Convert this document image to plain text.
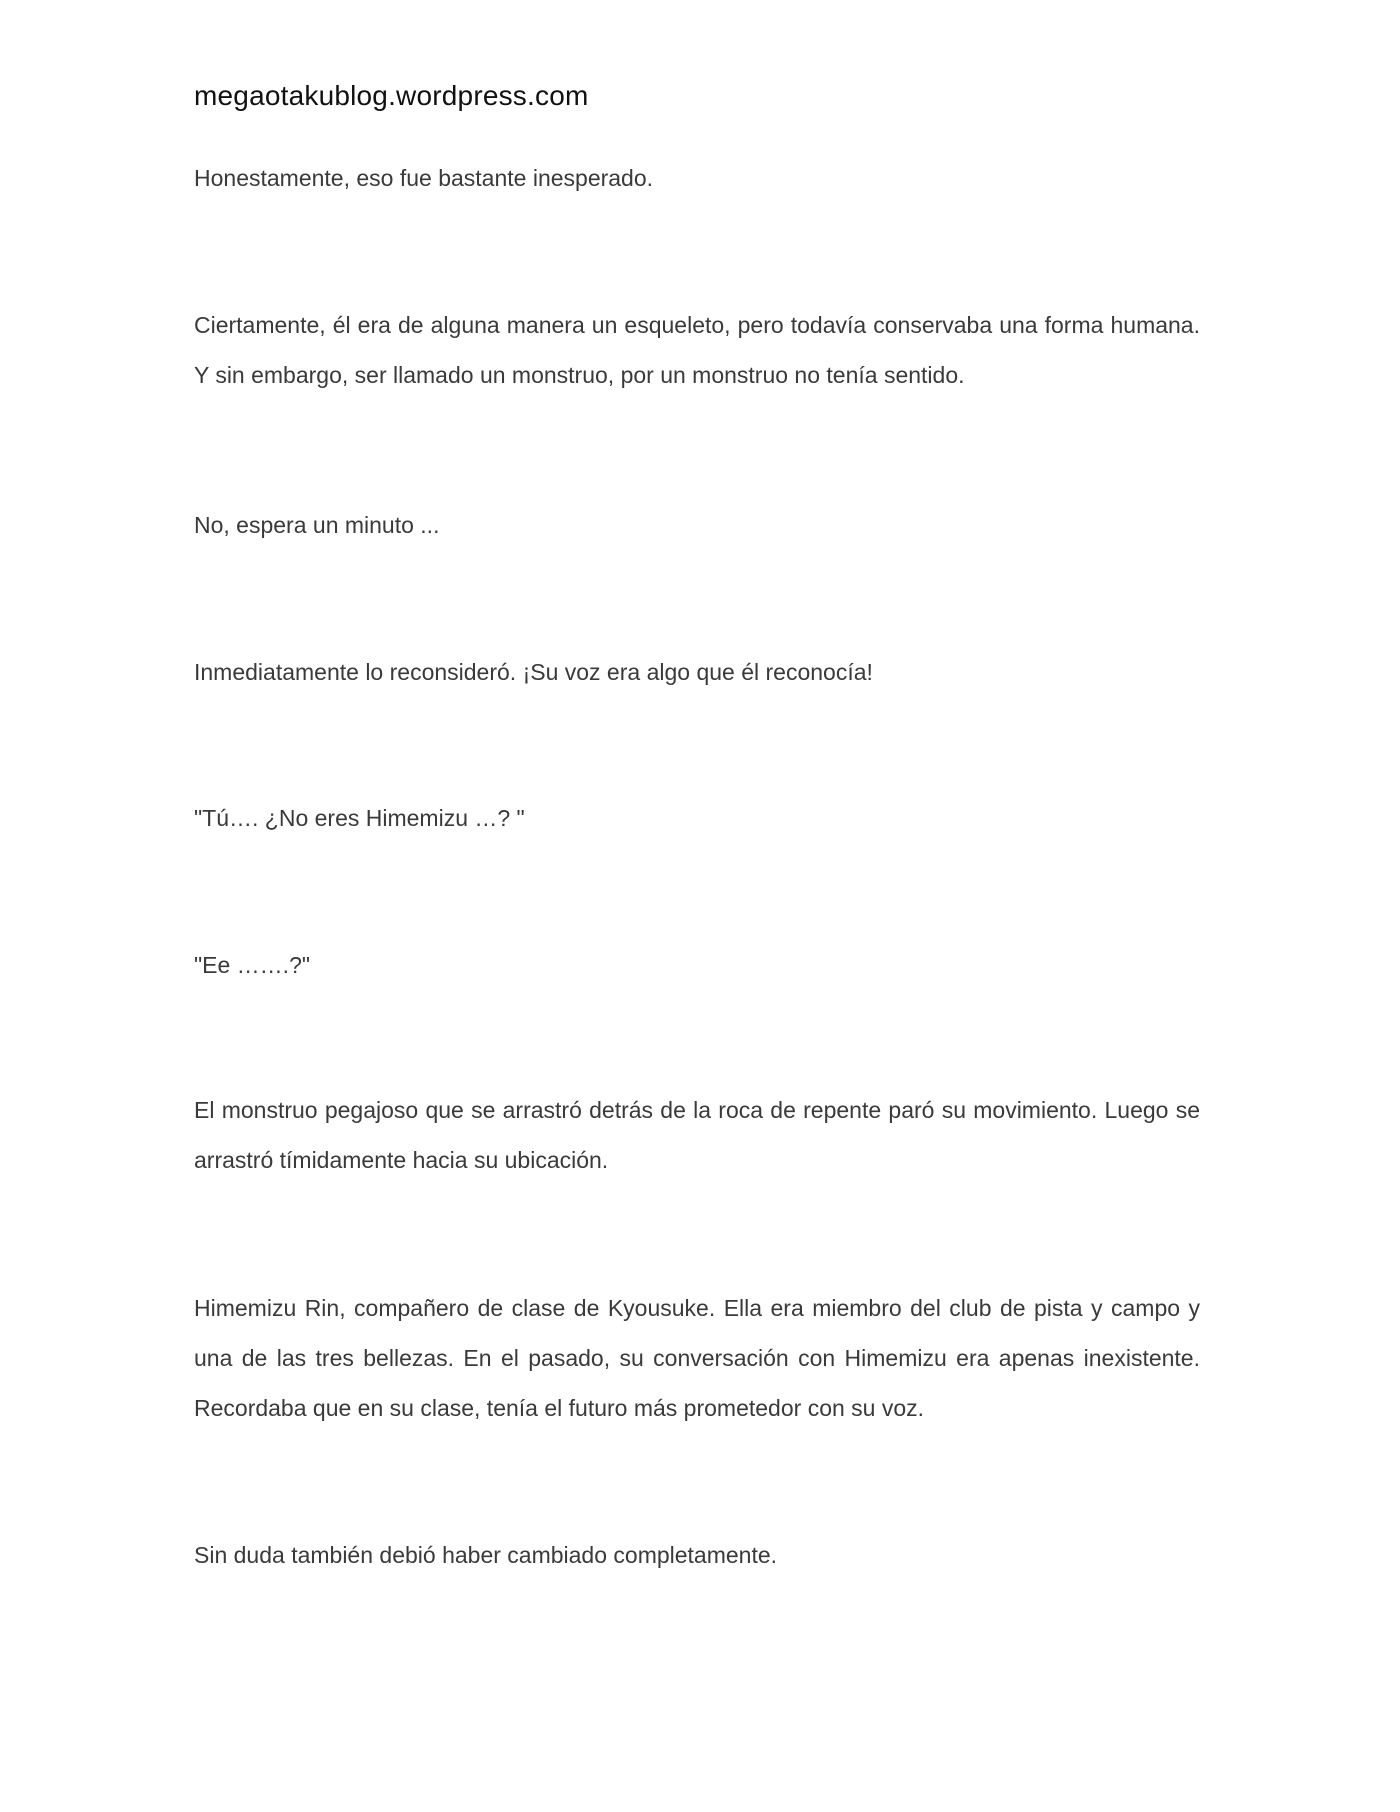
megaotakublog.wordpress.com
Honestamente, eso fue bastante inesperado.
Ciertamente, él era de alguna manera un esqueleto, pero todavía conservaba una forma humana. Y sin embargo, ser llamado un monstruo, por un monstruo no tenía sentido.
No, espera un minuto ...
Inmediatamente lo reconsideró. ¡Su voz era algo que él reconocía!
"Tú…. ¿No eres Himemizu …? "
"Ee …….?"
El monstruo pegajoso que se arrastró detrás de la roca de repente paró su movimiento. Luego se arrastró tímidamente hacia su ubicación.
Himemizu Rin, compañero de clase de Kyousuke. Ella era miembro del club de pista y campo y una de las tres bellezas. En el pasado, su conversación con Himemizu era apenas inexistente. Recordaba que en su clase, tenía el futuro más prometedor con su voz.
Sin duda también debió haber cambiado completamente.
